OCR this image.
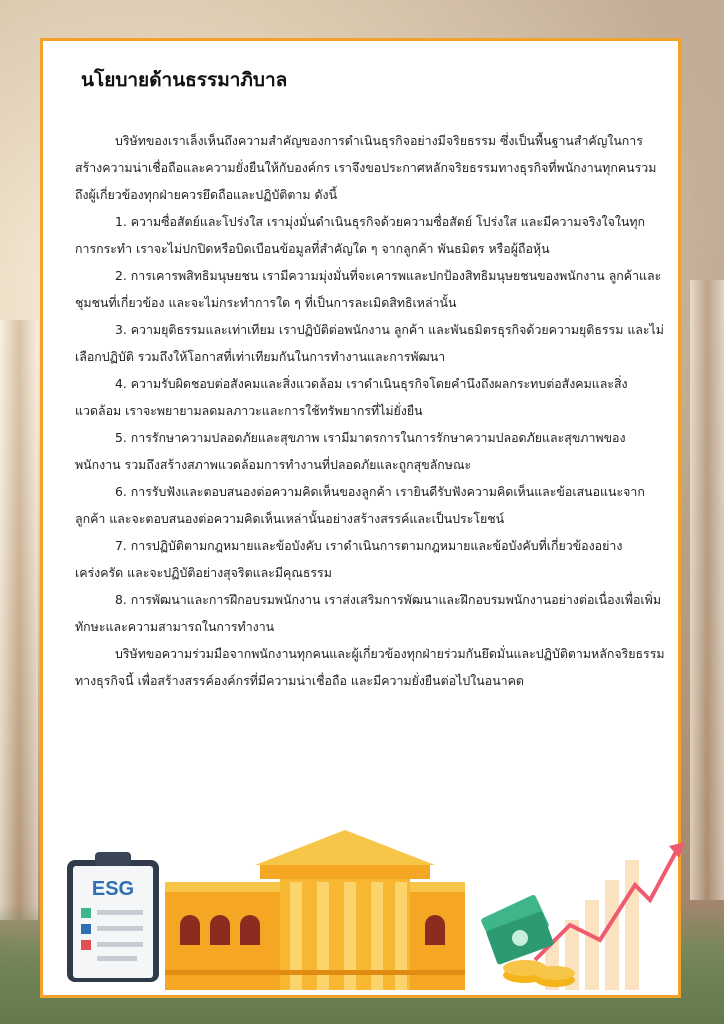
นโยบายด้านธรรมาภิบาล

บริษัทของเราเล็งเห็นถึงความสำคัญของการดำเนินธุรกิจอย่างมีจริยธรรม ซึ่งเป็นพื้นฐานสำคัญในการสร้างความน่าเชื่อถือและความยั่งยืนให้กับองค์กร เราจึงขอประกาศหลักจริยธรรมทางธุรกิจที่พนักงานทุกคนรวมถึงผู้เกี่ยวข้องทุกฝ่ายควรยึดถือและปฏิบัติตาม ดังนี้

1. ความซื่อสัตย์และโปร่งใส เรามุ่งมั่นดำเนินธุรกิจด้วยความซื่อสัตย์ โปร่งใส และมีความจริงใจในทุกการกระทำ เราจะไม่ปกปิดหรือบิดเบือนข้อมูลที่สำคัญใด ๆ จากลูกค้า พันธมิตร หรือผู้ถือหุ้น

2. การเคารพสิทธิมนุษยชน เรามีความมุ่งมั่นที่จะเคารพและปกป้องสิทธิมนุษยชนของพนักงาน ลูกค้าและชุมชนที่เกี่ยวข้อง และจะไม่กระทำการใด ๆ ที่เป็นการละเมิดสิทธิเหล่านั้น

3. ความยุติธรรมและเท่าเทียม เราปฏิบัติต่อพนักงาน ลูกค้า และพันธมิตรธุรกิจด้วยความยุติธรรม และไม่เลือกปฏิบัติ รวมถึงให้โอกาสที่เท่าเทียมกันในการทำงานและการพัฒนา

4. ความรับผิดชอบต่อสังคมและสิ่งแวดล้อม เราดำเนินธุรกิจโดยคำนึงถึงผลกระทบต่อสังคมและสิ่งแวดล้อม เราจะพยายามลดมลภาวะและการใช้ทรัพยากรที่ไม่ยั่งยืน

5. การรักษาความปลอดภัยและสุขภาพ เรามีมาตรการในการรักษาความปลอดภัยและสุขภาพของพนักงาน รวมถึงสร้างสภาพแวดล้อมการทำงานที่ปลอดภัยและถูกสุขลักษณะ

6. การรับฟังและตอบสนองต่อความคิดเห็นของลูกค้า เรายินดีรับฟังความคิดเห็นและข้อเสนอแนะจากลูกค้า และจะตอบสนองต่อความคิดเห็นเหล่านั้นอย่างสร้างสรรค์และเป็นประโยชน์

7. การปฏิบัติตามกฎหมายและข้อบังคับ เราดำเนินการตามกฎหมายและข้อบังคับที่เกี่ยวข้องอย่างเคร่งครัด และจะปฏิบัติอย่างสุจริตและมีคุณธรรม

8. การพัฒนาและการฝึกอบรมพนักงาน เราส่งเสริมการพัฒนาและฝึกอบรมพนักงานอย่างต่อเนื่องเพื่อเพิ่มทักษะและความสามารถในการทำงาน

บริษัทขอความร่วมมือจากพนักงานทุกคนและผู้เกี่ยวข้องทุกฝ่ายร่วมกันยึดมั่นและปฏิบัติตามหลักจริยธรรมทางธุรกิจนี้ เพื่อสร้างสรรค์องค์กรที่มีความน่าเชื่อถือ และมีความยั่งยืนต่อไปในอนาคต

ESG
